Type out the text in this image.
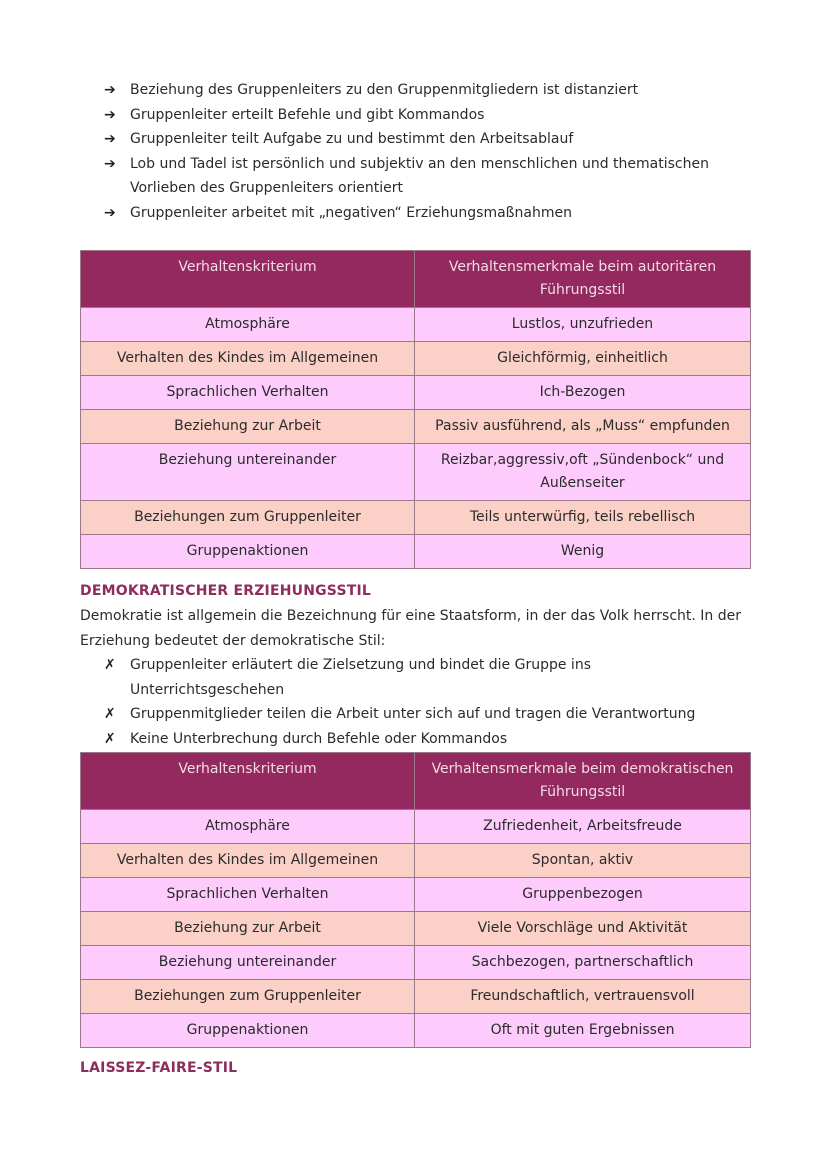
➔	Beziehung des Gruppenleiters zu den Gruppenmitgliedern ist distanziert
➔	Gruppenleiter erteilt Befehle und gibt Kommandos
➔	Gruppenleiter teilt Aufgabe zu und bestimmt den Arbeitsablauf
➔	Lob und Tadel ist persönlich und subjektiv an den menschlichen und thematischen Vorlieben des Gruppenleiters orientiert
➔	Gruppenleiter arbeitet mit „negativen“ Erziehungsmaßnahmen
Verhaltenskriterium	Verhaltensmerkmale beim autoritären Führungsstil
Atmosphäre	Lustlos, unzufrieden
Verhalten des Kindes im Allgemeinen	Gleichförmig, einheitlich
Sprachlichen Verhalten	Ich-Bezogen
Beziehung zur Arbeit	Passiv ausführend, als „Muss“ empfunden
Beziehung untereinander	Reizbar,aggressiv,oft „Sündenbock“ und Außenseiter
Beziehungen zum Gruppenleiter	Teils unterwürfig, teils rebellisch
Gruppenaktionen	Wenig
DEMOKRATISCHER ERZIEHUNGSSTIL
Demokratie ist allgemein die Bezeichnung für eine Staatsform, in der das Volk herrscht. In der Erziehung bedeutet der demokratische Stil:
✗	Gruppenleiter erläutert die Zielsetzung und bindet die Gruppe ins Unterrichtsgeschehen
✗	Gruppenmitglieder teilen die Arbeit unter sich auf und tragen die Verantwortung
✗	Keine Unterbrechung durch Befehle oder Kommandos
Verhaltenskriterium	Verhaltensmerkmale beim demokratischen Führungsstil
Atmosphäre	Zufriedenheit, Arbeitsfreude
Verhalten des Kindes im Allgemeinen	Spontan, aktiv
Sprachlichen Verhalten	Gruppenbezogen
Beziehung zur Arbeit	Viele Vorschläge und Aktivität
Beziehung untereinander	Sachbezogen, partnerschaftlich
Beziehungen zum Gruppenleiter	Freundschaftlich, vertrauensvoll
Gruppenaktionen	Oft mit guten Ergebnissen
LAISSEZ-FAIRE-STIL
